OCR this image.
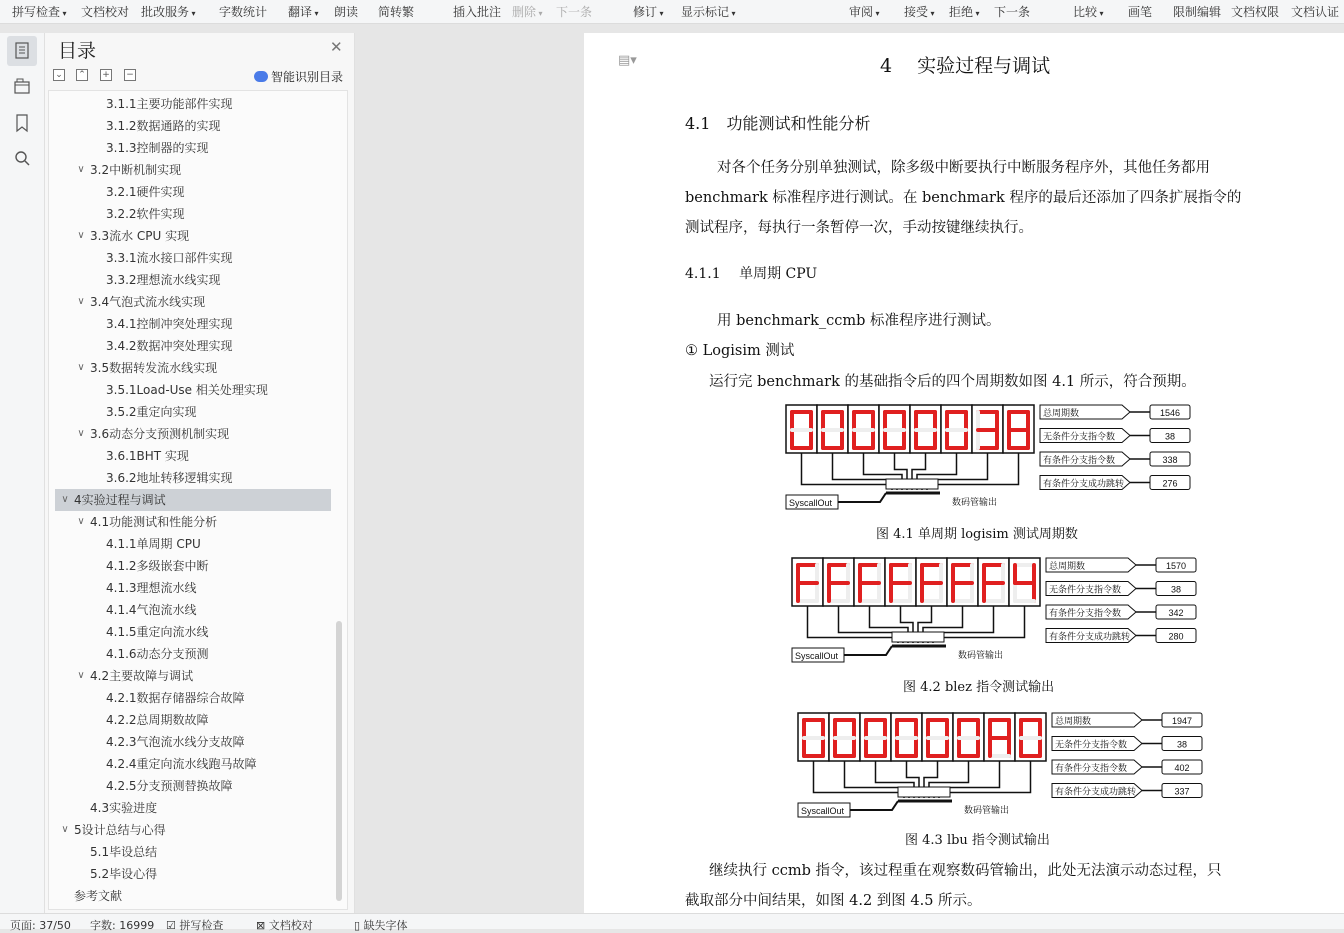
拼写检查 ▾ 文档校对 批改服务 ▾ 字数统计 翻译 ▾ 朗读 简转繁	插入批注 删除 ▾ 下一条	修订 ▾ 显示标记 ▾	审阅 ▾ 接受 ▾ 拒绝 ▾ 下一条	比较 ▾ 画笔 限制编辑 文档权限 文档认证
目录	✕
⌄ ⌃ + −	智能识别目录
3.1.1主要功能部件实现
3.1.2数据通路的实现
3.1.3控制器的实现
∨ 3.2中断机制实现
3.2.1硬件实现
3.2.2软件实现
∨ 3.3流水 CPU 实现
3.3.1流水接口部件实现
3.3.2理想流水线实现
∨ 3.4气泡式流水线实现
3.4.1控制冲突处理实现
3.4.2数据冲突处理实现
∨ 3.5数据转发流水线实现
3.5.1Load-Use 相关处理实现
3.5.2重定向实现
∨ 3.6动态分支预测机制实现
3.6.1BHT 实现
3.6.2地址转移逻辑实现
∨ 4实验过程与调试
∨ 4.1功能测试和性能分析
4.1.1单周期 CPU
4.1.2多级嵌套中断
4.1.3理想流水线
4.1.4气泡流水线
4.1.5重定向流水线
4.1.6动态分支预测
∨ 4.2主要故障与调试
4.2.1数据存储器综合故障
4.2.2总周期数故障
4.2.3气泡流水线分支故障
4.2.4重定向流水线跑马故障
4.2.5分支预测替换故障
4.3实验进度
∨ 5设计总结与心得
5.1毕设总结
5.2毕设心得
参考文献
▤▾	4　 实验过程与调试
4.1　功能测试和性能分析
对各个任务分别单独测试，除多级中断要执行中断服务程序外，其他任务都用
benchmark 标准程序进行测试。在 benchmark 程序的最后还添加了四条扩展指令的
测试程序，每执行一条暂停一次，手动按键继续执行。
4.1.1　 单周期 CPU
用 benchmark_ccmb 标准程序进行测试。
① Logisim 测试
运行完 benchmark 的基础指令后的四个周期数如图 4.1 所示，符合预期。
SyscallOut	数码管输出
总周期数	1546
无条件分支指令数	38
有条件分支指令数	338
有条件分支成功跳转	276
图 4.1 单周期 logisim 测试周期数
SyscallOut	数码管输出
总周期数	1570
无条件分支指令数	38
有条件分支指令数	342
有条件分支成功跳转	280
图 4.2 blez 指令测试输出
SyscallOut	数码管输出
总周期数	1947
无条件分支指令数	38
有条件分支指令数	402
有条件分支成功跳转	337
图 4.3 lbu 指令测试输出
继续执行 ccmb 指令，该过程重在观察数码管输出，此处无法演示动态过程，只
截取部分中间结果，如图 4.2 到图 4.5 所示。
页面: 37/50 字数: 16999 ☑ 拼写检查	⊠ 文档校对	▯ 缺失字体
